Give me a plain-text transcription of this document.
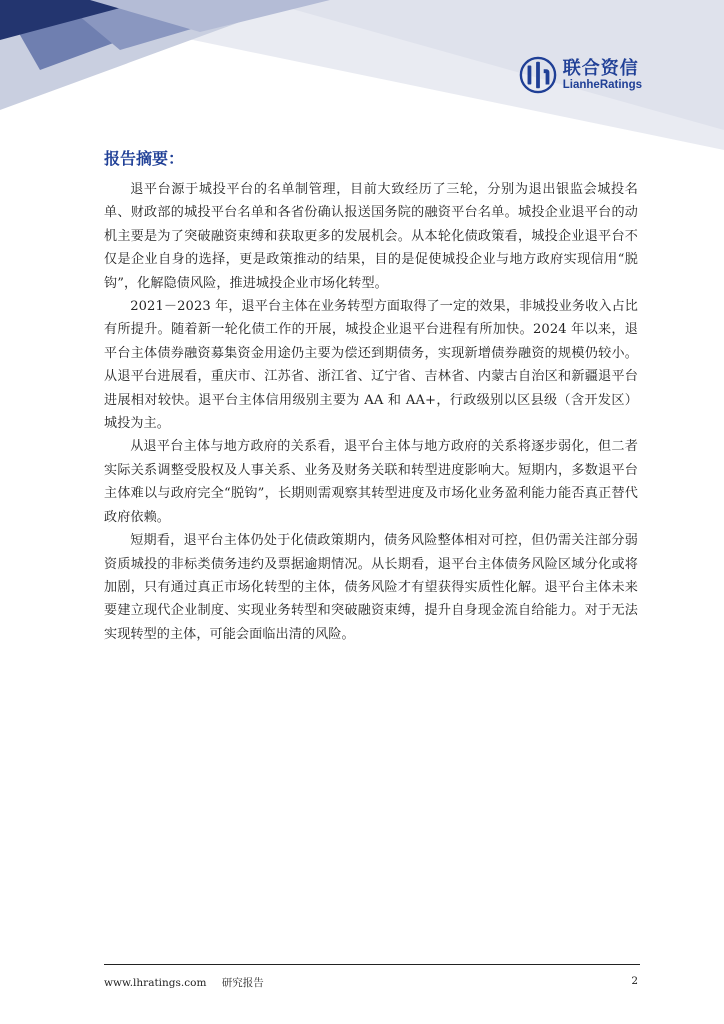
联合资信
LianheRatings
报告摘要：

退平台源于城投平台的名单制管理，目前大致经历了三轮，分别为退出银监会城投名单、财政部的城投平台名单和各省份确认报送国务院的融资平台名单。城投企业退平台的动机主要是为了突破融资束缚和获取更多的发展机会。从本轮化债政策看，城投企业退平台不仅是企业自身的选择，更是政策推动的结果，目的是促使城投企业与地方政府实现信用“脱钩”，化解隐债风险，推进城投企业市场化转型。

2021－2023 年，退平台主体在业务转型方面取得了一定的效果，非城投业务收入占比有所提升。随着新一轮化债工作的开展，城投企业退平台进程有所加快。2024 年以来，退平台主体债券融资募集资金用途仍主要为偿还到期债务，实现新增债券融资的规模仍较小。从退平台进展看，重庆市、江苏省、浙江省、辽宁省、吉林省、内蒙古自治区和新疆退平台进展相对较快。退平台主体信用级别主要为 AA 和 AA+，行政级别以区县级（含开发区）城投为主。

从退平台主体与地方政府的关系看，退平台主体与地方政府的关系将逐步弱化，但二者实际关系调整受股权及人事关系、业务及财务关联和转型进度影响大。短期内，多数退平台主体难以与政府完全“脱钩”，长期则需观察其转型进度及市场化业务盈利能力能否真正替代政府依赖。

短期看，退平台主体仍处于化债政策期内，债务风险整体相对可控，但仍需关注部分弱资质城投的非标类债务违约及票据逾期情况。从长期看，退平台主体债务风险区域分化或将加剧，只有通过真正市场化转型的主体，债务风险才有望获得实质性化解。退平台主体未来要建立现代企业制度、实现业务转型和突破融资束缚，提升自身现金流自给能力。对于无法实现转型的主体，可能会面临出清的风险。

www.lhratings.com 研究报告	2
